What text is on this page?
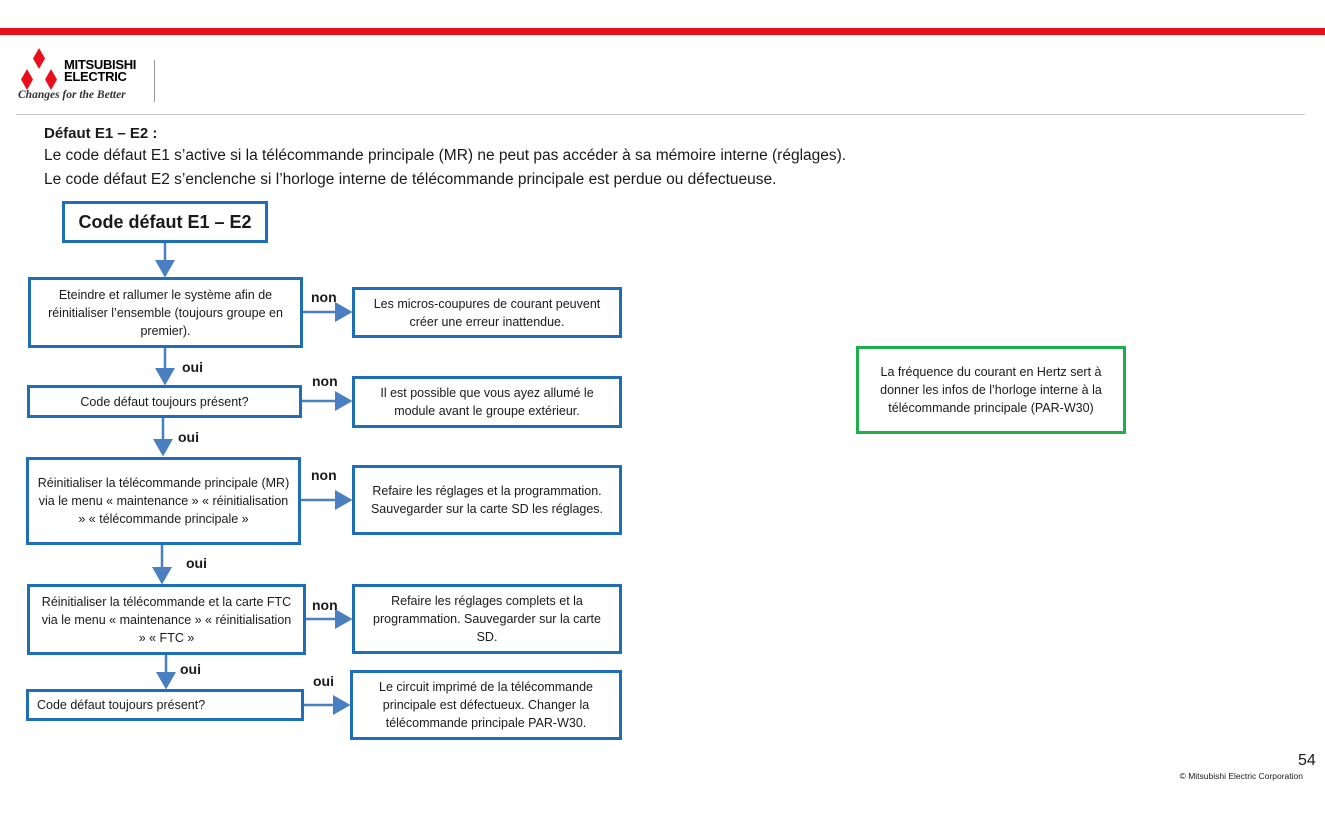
MITSUBISHI
ELECTRIC
Changes for the Better
Défaut E1 – E2 :
Le code défaut E1 s’active si la télécommande principale (MR) ne peut pas accéder à sa mémoire interne (réglages).
Le code défaut E2 s’enclenche si l’horloge interne de télécommande principale est perdue ou défectueuse.
Code défaut E1 – E2
Eteindre et rallumer le système afin de réinitialiser l’ensemble (toujours groupe en premier).
Code défaut toujours présent?
Réinitialiser la télécommande principale (MR) via le menu « maintenance » « réinitialisation » « télécommande principale »
Réinitialiser la télécommande et la carte FTC via le menu « maintenance » « réinitialisation » « FTC »
Code défaut toujours présent?
Les micros-coupures de courant peuvent créer une erreur inattendue.
Il est possible que vous ayez allumé le module avant le groupe extérieur.
Refaire les réglages et la programmation. Sauvegarder sur la carte SD les réglages.
Refaire les réglages complets et la programmation. Sauvegarder sur la carte SD.
Le circuit imprimé de la télécommande principale est défectueux. Changer la télécommande principale PAR-W30.
non
non
non
non
oui
oui
oui
oui
oui
La fréquence du courant en Hertz sert à donner les infos de l’horloge interne à la télécommande principale (PAR-W30)
54
© Mitsubishi Electric Corporation
